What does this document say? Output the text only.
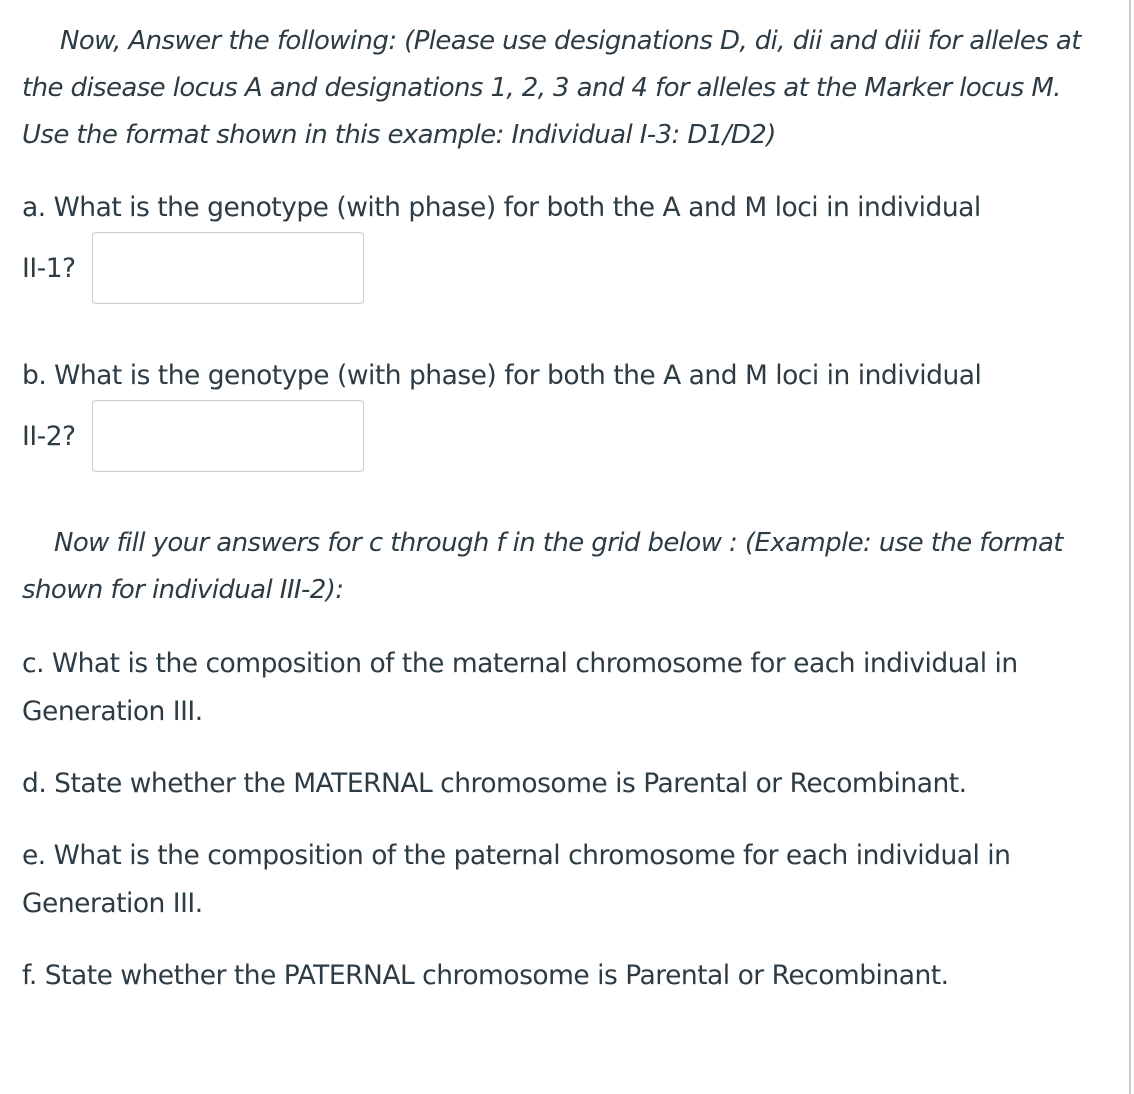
Now, Answer the following: (Please use designations D, di, dii and diii for alleles at the disease locus A and designations 1, 2, 3 and 4 for alleles at the Marker locus M. Use the format shown in this example: Individual I-3: D1/D2)

a. What is the genotype (with phase) for both the A and M loci in individual

II-1?

b. What is the genotype (with phase) for both the A and M loci in individual

II-2?

Now fill your answers for c through f in the grid below : (Example: use the format shown for individual III-2):

c. What is the composition of the maternal chromosome for each individual in Generation III.

d. State whether the MATERNAL chromosome is Parental or Recombinant.

e. What is the composition of the paternal chromosome for each individual in Generation III.

f. State whether the PATERNAL chromosome is Parental or Recombinant.
